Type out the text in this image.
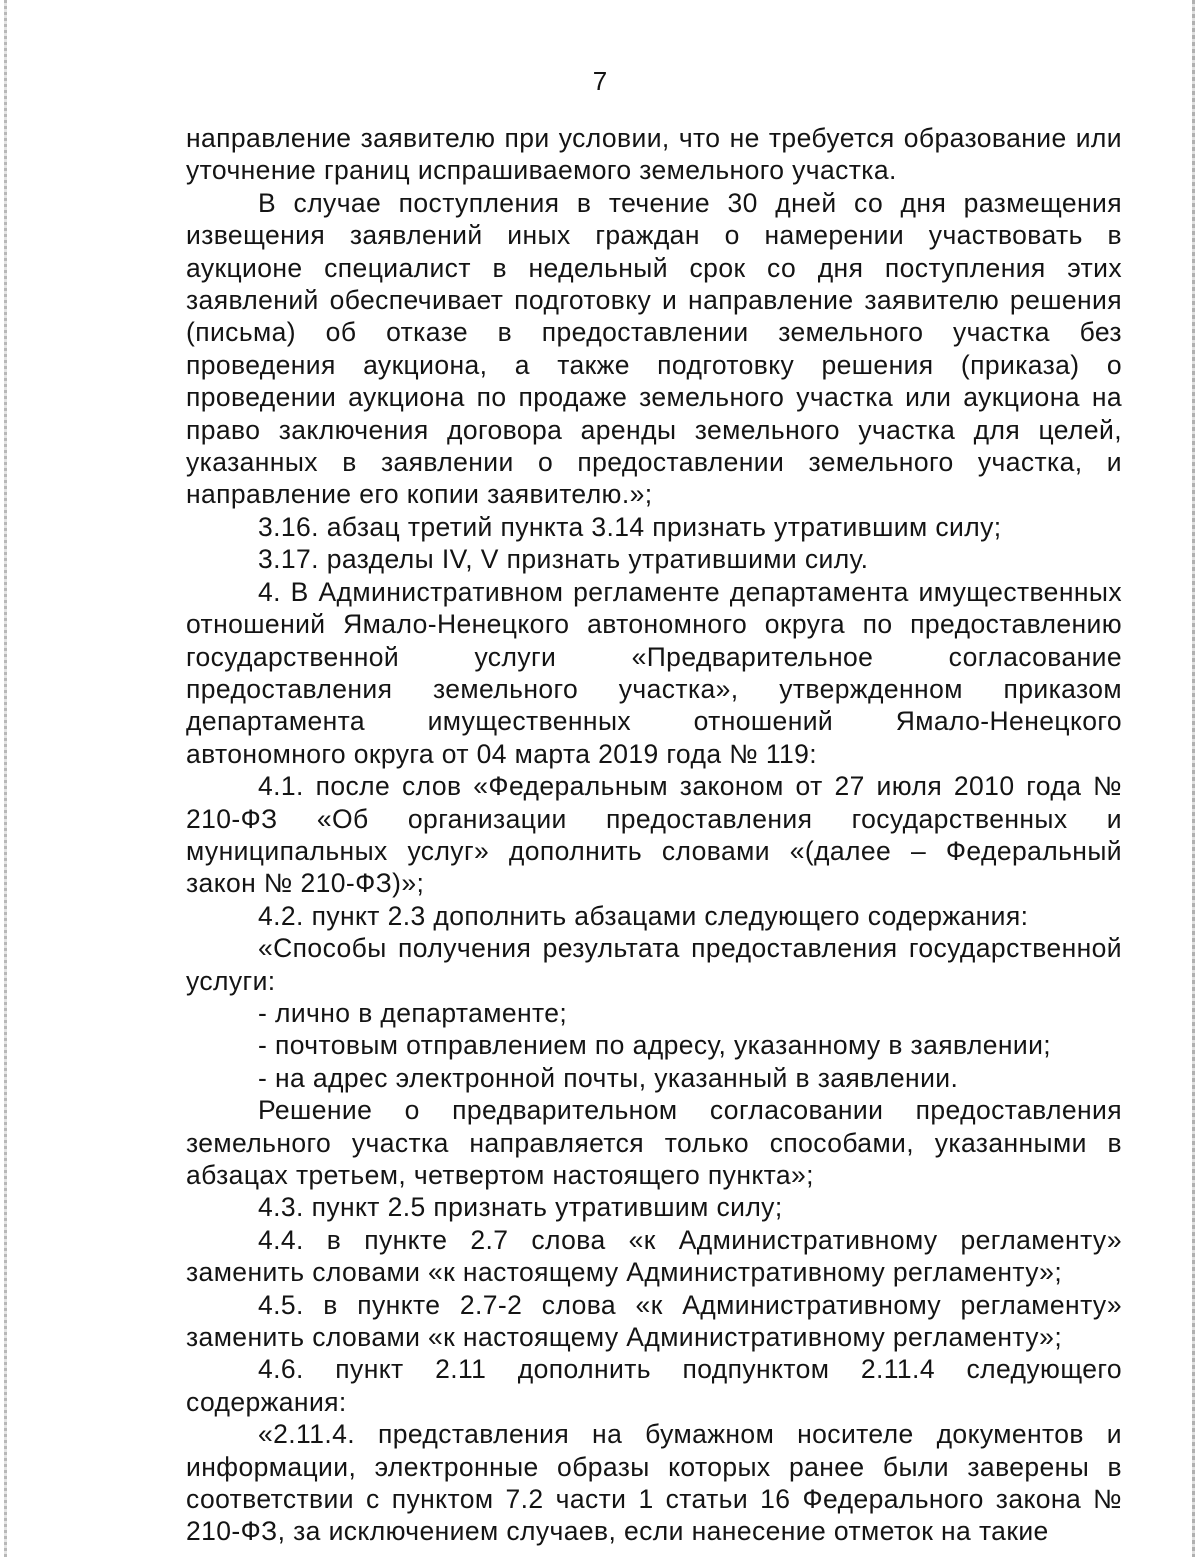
7

направление заявителю при условии, что не требуется образование или уточнение границ испрашиваемого земельного участка.

В случае поступления в течение 30 дней со дня размещения извещения заявлений иных граждан о намерении участвовать в аукционе специалист в недельный срок со дня поступления этих заявлений обеспечивает подготовку и направление заявителю решения (письма) об отказе в предоставлении земельного участка без проведения аукциона, а также подготовку решения (приказа) о проведении аукциона по продаже земельного участка или аукциона на право заключения договора аренды земельного участка для целей, указанных в заявлении о предоставлении земельного участка, и направление его копии заявителю.»;

3.16. абзац третий пункта 3.14 признать утратившим силу;

3.17. разделы IV, V признать утратившими силу.

4. В Административном регламенте департамента имущественных отношений Ямало-Ненецкого автономного округа по предоставлению государственной услуги «Предварительное согласование предоставления земельного участка», утвержденном приказом департамента имущественных отношений Ямало-Ненецкого автономного округа от 04 марта 2019 года № 119:

4.1. после слов «Федеральным законом от 27 июля 2010 года № 210-ФЗ «Об организации предоставления государственных и муниципальных услуг» дополнить словами «(далее – Федеральный закон № 210-ФЗ)»;

4.2. пункт 2.3 дополнить абзацами следующего содержания:

«Способы получения результата предоставления государственной услуги:

- лично в департаменте;

- почтовым отправлением по адресу, указанному в заявлении;

- на адрес электронной почты, указанный в заявлении.

Решение о предварительном согласовании предоставления земельного участка направляется только способами, указанными в абзацах третьем, четвертом настоящего пункта»;

4.3. пункт 2.5 признать утратившим силу;

4.4. в пункте 2.7 слова «к Административному регламенту» заменить словами «к настоящему Административному регламенту»;

4.5. в пункте 2.7-2 слова «к Административному регламенту» заменить словами «к настоящему Административному регламенту»;

4.6. пункт 2.11 дополнить подпунктом 2.11.4 следующего содержания:

«2.11.4. представления на бумажном носителе документов и информации, электронные образы которых ранее были заверены в соответствии с пунктом 7.2 части 1 статьи 16 Федерального закона № 210-ФЗ, за исключением случаев, если нанесение отметок на такие
